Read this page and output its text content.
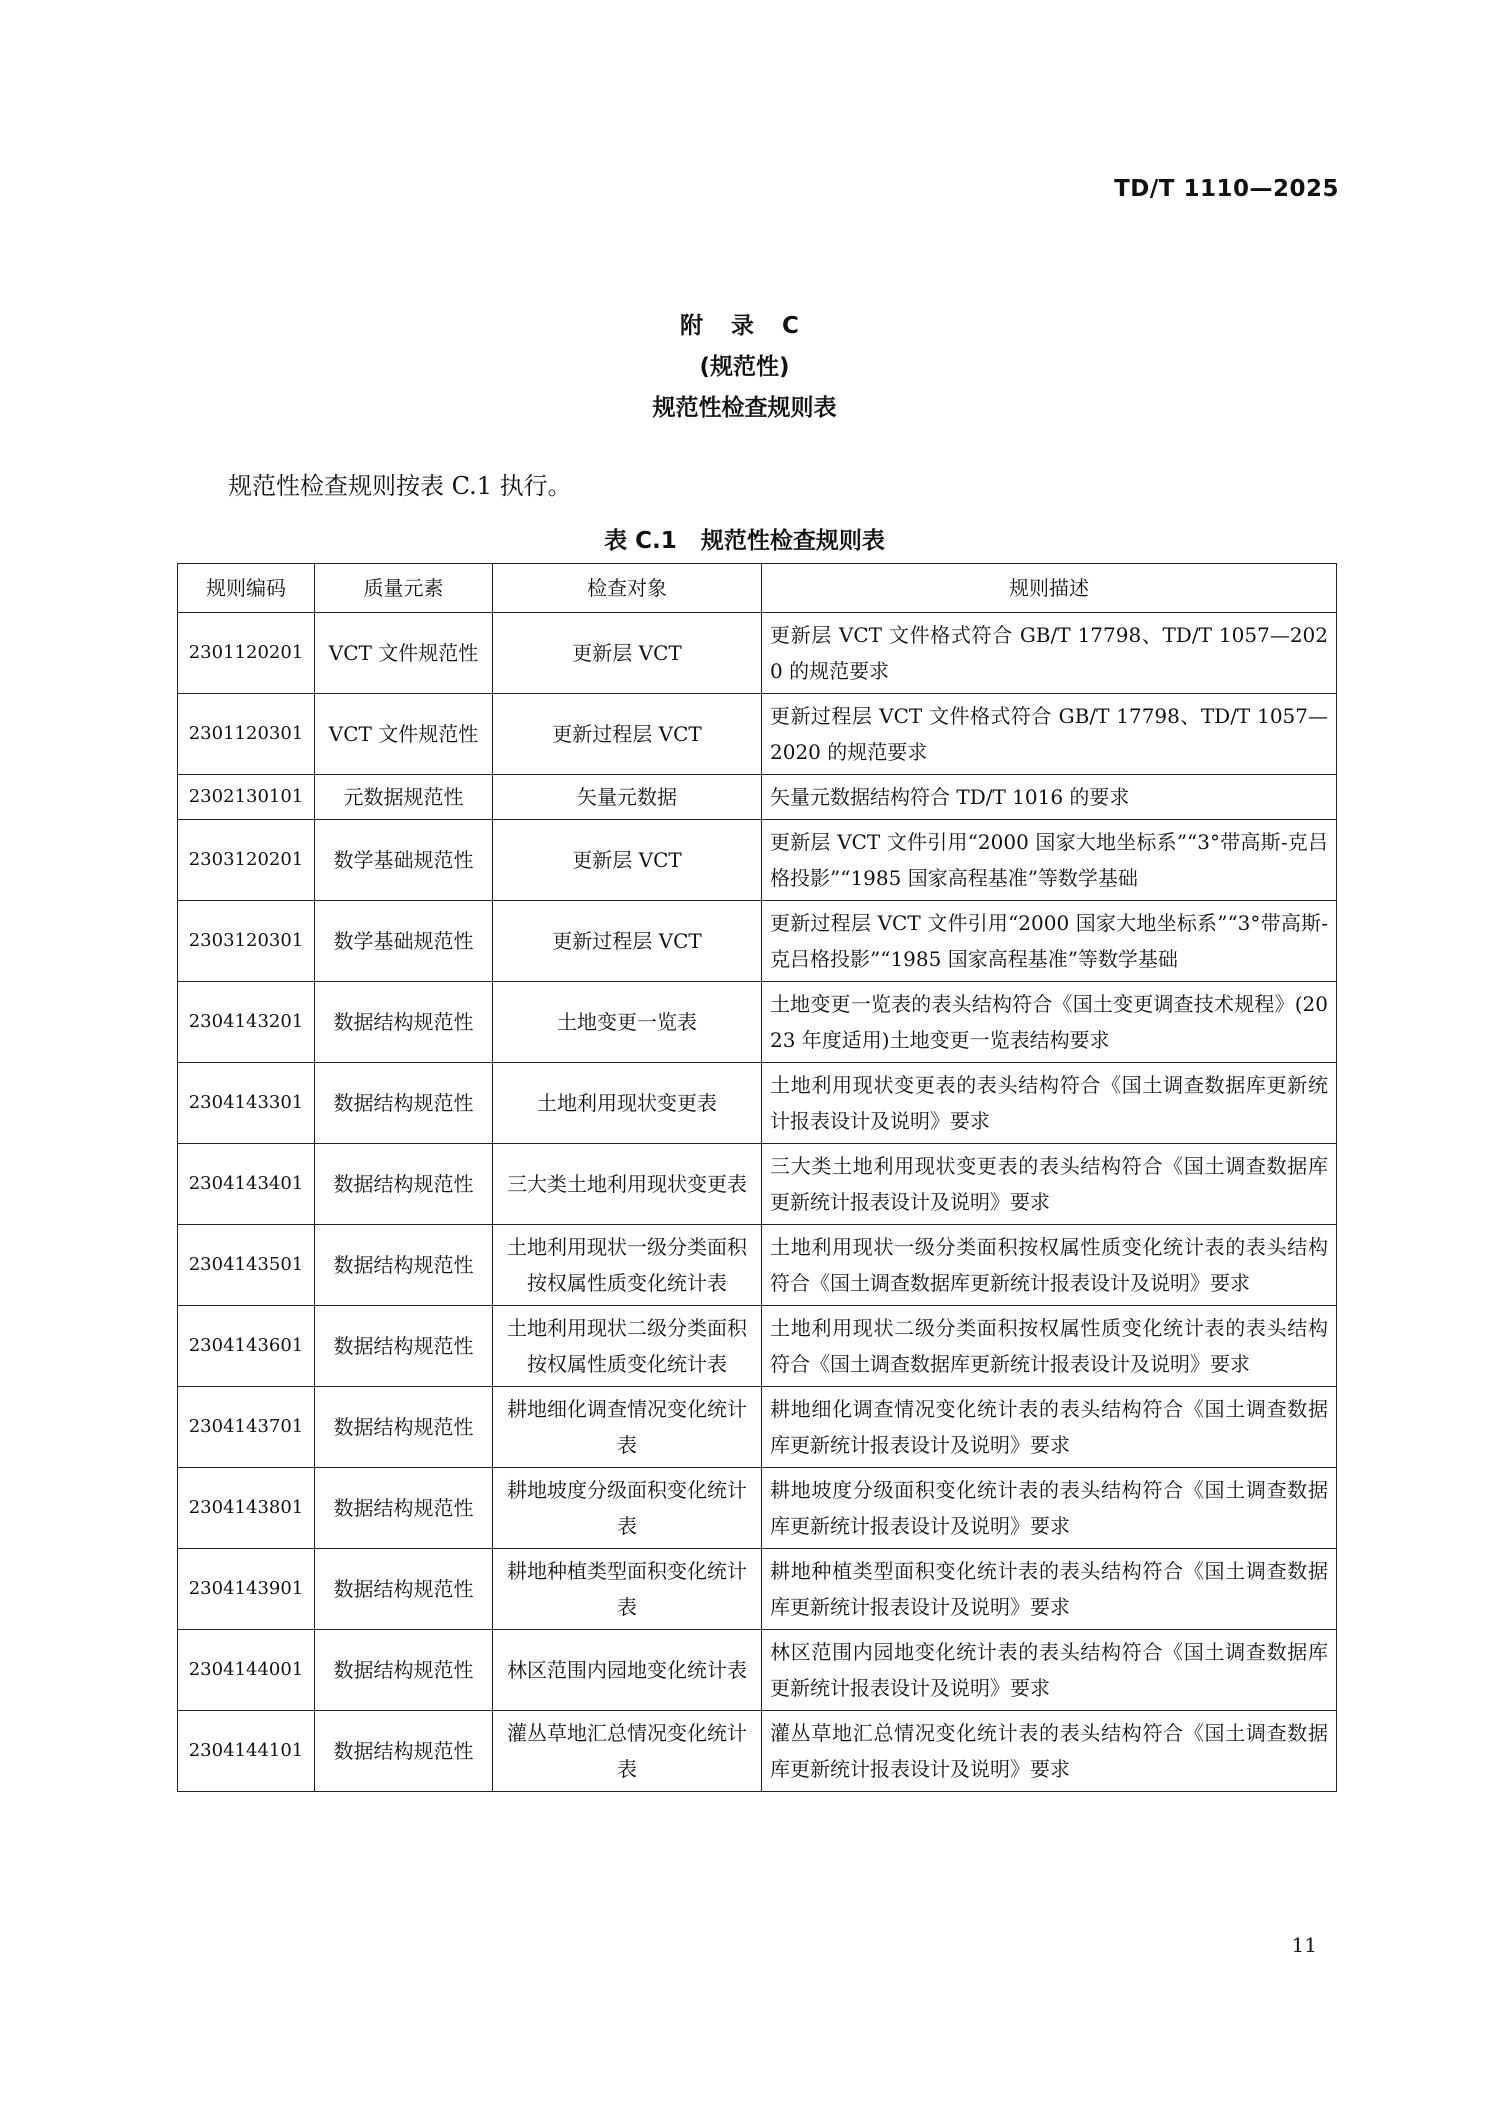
TD/T 1110—2025
附 录 C
(规范性)
规范性检查规则表
规范性检查规则按表 C.1 执行。
表 C.1 规范性检查规则表
规则编码	质量元素	检查对象	规则描述
2301120201	VCT 文件规范性	更新层 VCT	更新层 VCT 文件格式符合 GB/T 17798、TD/T 1057—2020 的规范要求
2301120301	VCT 文件规范性	更新过程层 VCT	更新过程层 VCT 文件格式符合 GB/T 17798、TD/T 1057—2020 的规范要求
2302130101	元数据规范性	矢量元数据	矢量元数据结构符合 TD/T 1016 的要求
2303120201	数学基础规范性	更新层 VCT	更新层 VCT 文件引用“2000 国家大地坐标系”“3°带高斯-克吕格投影”“1985 国家高程基准”等数学基础
2303120301	数学基础规范性	更新过程层 VCT	更新过程层 VCT 文件引用“2000 国家大地坐标系”“3°带高斯-克吕格投影”“1985 国家高程基准”等数学基础
2304143201	数据结构规范性	土地变更一览表	土地变更一览表的表头结构符合《国土变更调查技术规程》(2023 年度适用)土地变更一览表结构要求
2304143301	数据结构规范性	土地利用现状变更表	土地利用现状变更表的表头结构符合《国土调查数据库更新统计报表设计及说明》要求
2304143401	数据结构规范性	三大类土地利用现状变更表	三大类土地利用现状变更表的表头结构符合《国土调查数据库更新统计报表设计及说明》要求
2304143501	数据结构规范性	土地利用现状一级分类面积按权属性质变化统计表	土地利用现状一级分类面积按权属性质变化统计表的表头结构符合《国土调查数据库更新统计报表设计及说明》要求
2304143601	数据结构规范性	土地利用现状二级分类面积按权属性质变化统计表	土地利用现状二级分类面积按权属性质变化统计表的表头结构符合《国土调查数据库更新统计报表设计及说明》要求
2304143701	数据结构规范性	耕地细化调查情况变化统计表	耕地细化调查情况变化统计表的表头结构符合《国土调查数据库更新统计报表设计及说明》要求
2304143801	数据结构规范性	耕地坡度分级面积变化统计表	耕地坡度分级面积变化统计表的表头结构符合《国土调查数据库更新统计报表设计及说明》要求
2304143901	数据结构规范性	耕地种植类型面积变化统计表	耕地种植类型面积变化统计表的表头结构符合《国土调查数据库更新统计报表设计及说明》要求
2304144001	数据结构规范性	林区范围内园地变化统计表	林区范围内园地变化统计表的表头结构符合《国土调查数据库更新统计报表设计及说明》要求
2304144101	数据结构规范性	灌丛草地汇总情况变化统计表	灌丛草地汇总情况变化统计表的表头结构符合《国土调查数据库更新统计报表设计及说明》要求
11
